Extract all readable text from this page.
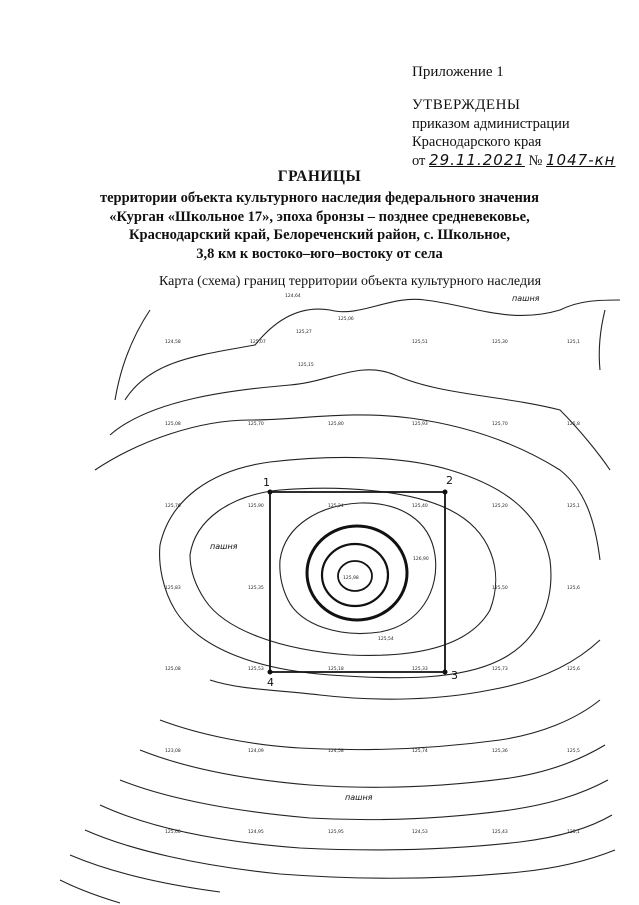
Приложение 1
УТВЕРЖДЕНЫ
приказом администрации
Краснодарского края
от 29.11.2021 № 1047-кн
ГРАНИЦЫ
территории объекта культурного наследия федерального значения
«Курган «Школьное 17», эпоха бронзы – позднее средневековье,
Краснодарский край, Белореченский район, с. Школьное,
3,8 км к востоко–юго–востоку от села
Карта (схема) границ территории объекта культурного наследия
1	2
3
4
пашня
пашня
пашня
124,64
125,06
125,27
125,07
124,58	125,51	125,30	125,1
125,15
125,08	125,70	125,80	125,93	125,70	125,8
125,76	125,90	125,24	125,40	125,20	125,1
125,98
126,90
125,83	125,35	125,50	125,6
125,54
125,08	125,53	125,18	125,33	125,73	125,6
123,08	124,09	124,58	125,74	125,36	125,5
125,60	124,95	125,95	124,53	125,43	125,1
